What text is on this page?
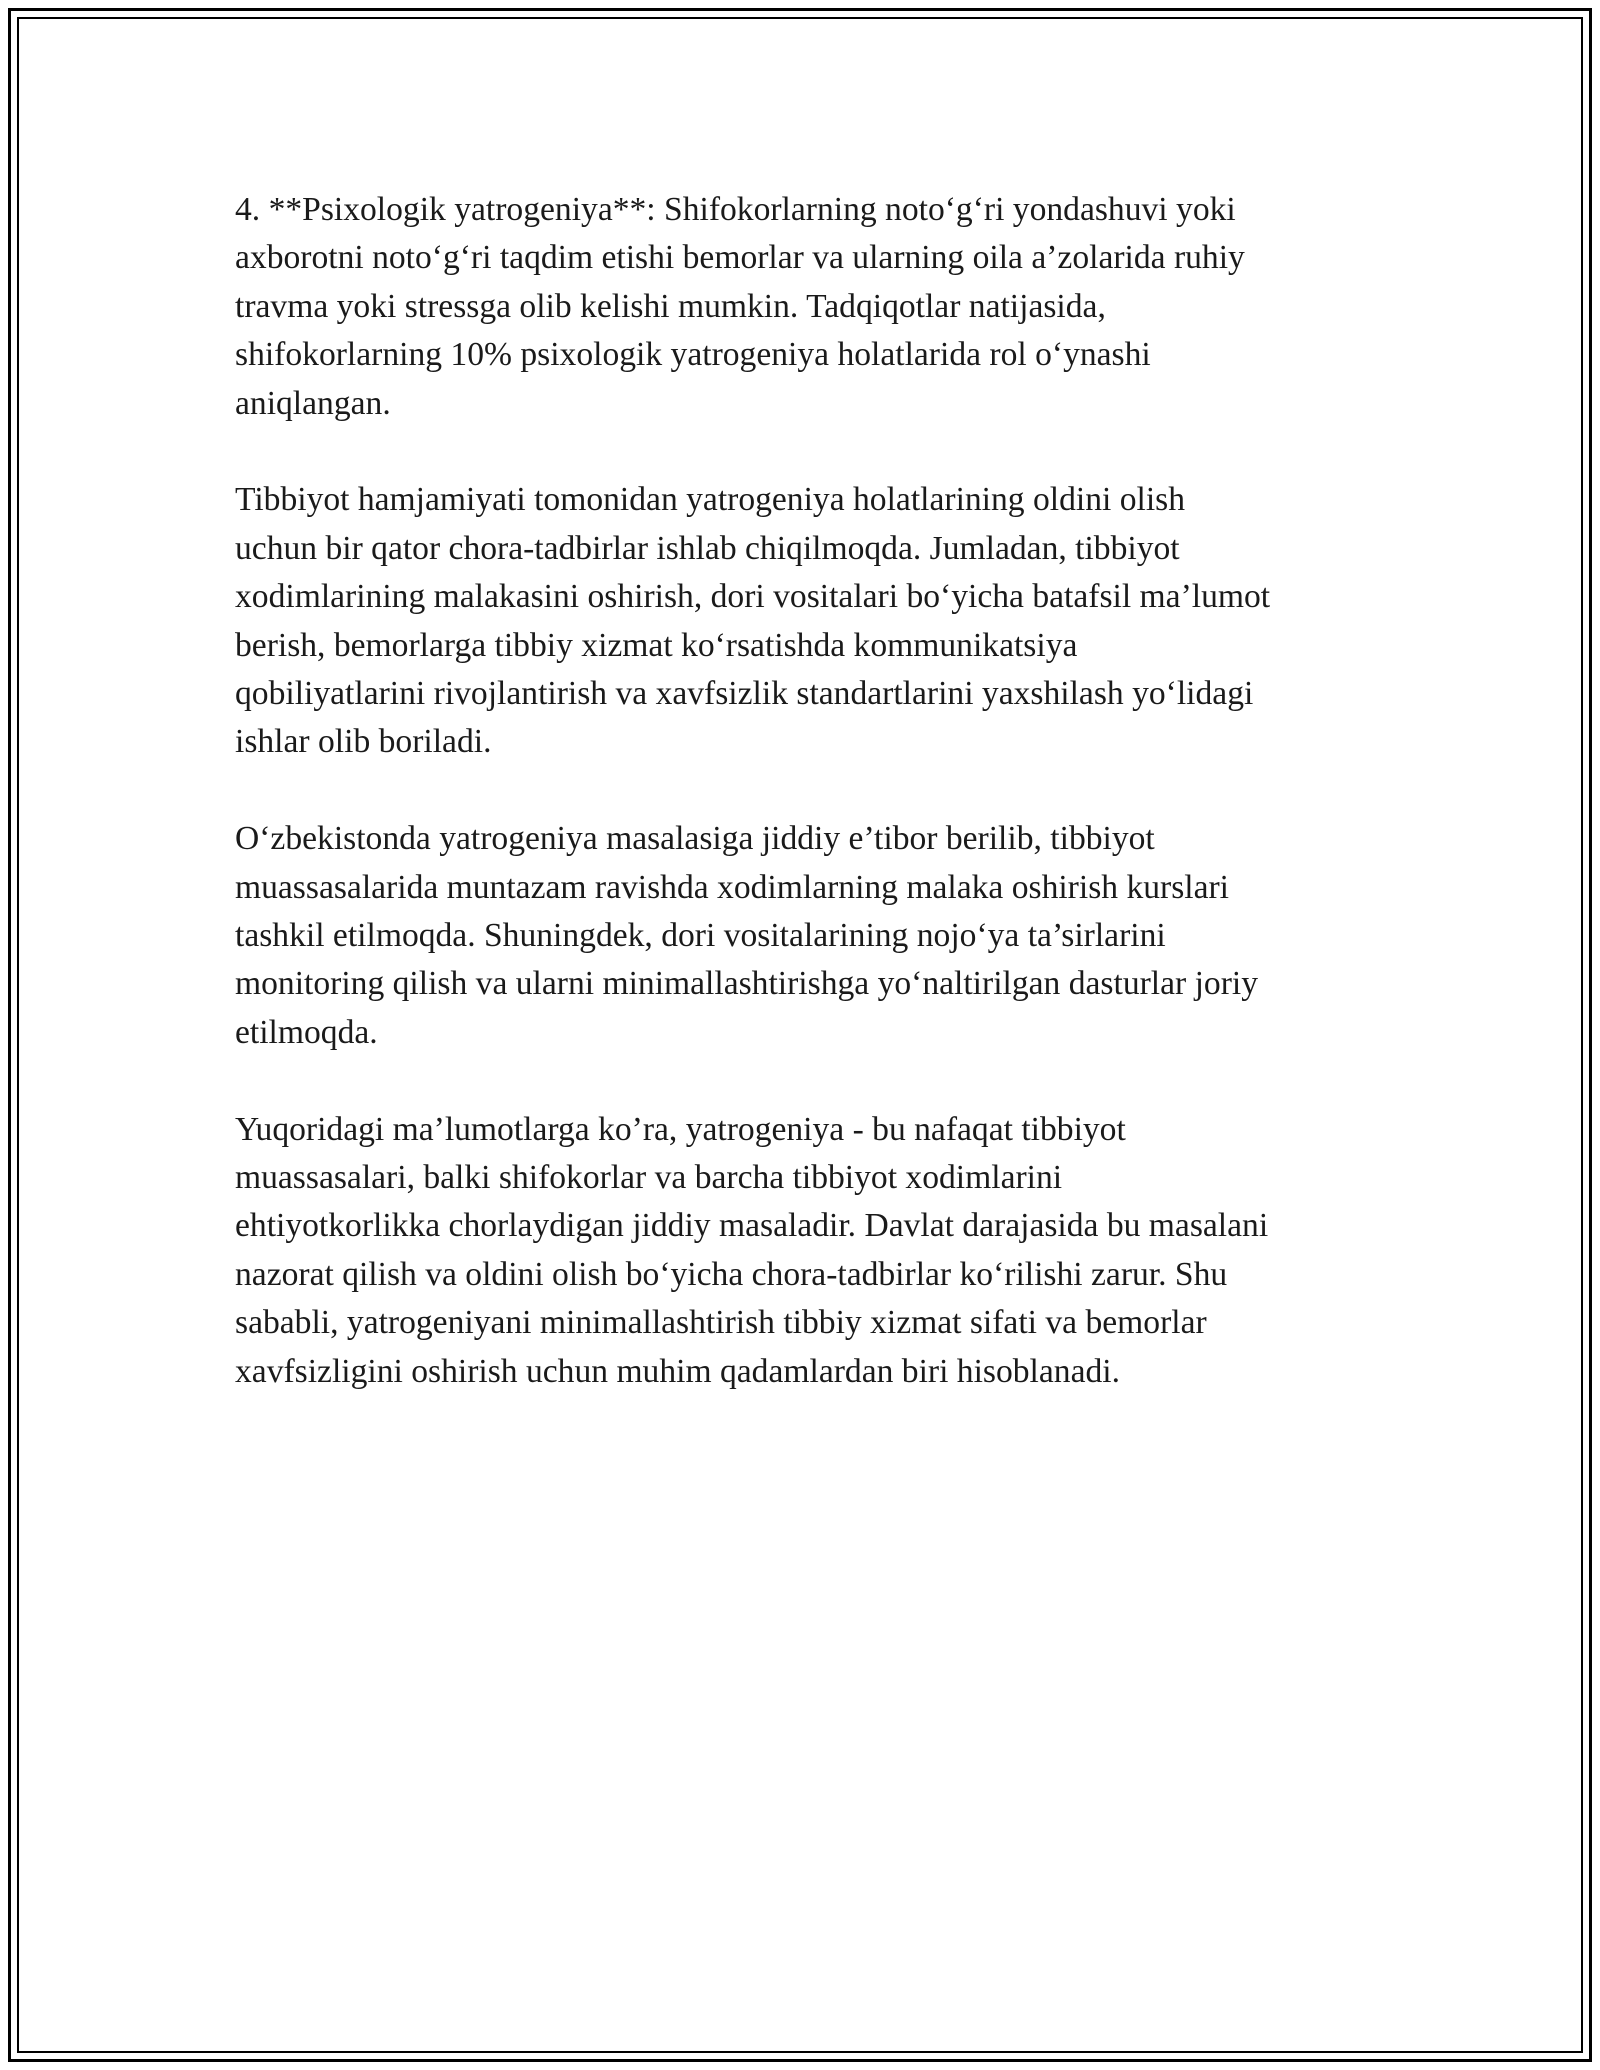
4. **Psixologik yatrogeniya**: Shifokorlarning noto‘g‘ri yondashuvi yoki
axborotni noto‘g‘ri taqdim etishi bemorlar va ularning oila a’zolarida ruhiy
travma yoki stressga olib kelishi mumkin. Tadqiqotlar natijasida,
shifokorlarning 10% psixologik yatrogeniya holatlarida rol o‘ynashi
aniqlangan.

Tibbiyot hamjamiyati tomonidan yatrogeniya holatlarining oldini olish
uchun bir qator chora-tadbirlar ishlab chiqilmoqda. Jumladan, tibbiyot
xodimlarining malakasini oshirish, dori vositalari bo‘yicha batafsil ma’lumot
berish, bemorlarga tibbiy xizmat ko‘rsatishda kommunikatsiya
qobiliyatlarini rivojlantirish va xavfsizlik standartlarini yaxshilash yo‘lidagi
ishlar olib boriladi.

O‘zbekistonda yatrogeniya masalasiga jiddiy e’tibor berilib, tibbiyot
muassasalarida muntazam ravishda xodimlarning malaka oshirish kurslari
tashkil etilmoqda. Shuningdek, dori vositalarining nojo‘ya ta’sirlarini
monitoring qilish va ularni minimallashtirishga yo‘naltirilgan dasturlar joriy
etilmoqda.

Yuqoridagi ma’lumotlarga ko’ra, yatrogeniya - bu nafaqat tibbiyot
muassasalari, balki shifokorlar va barcha tibbiyot xodimlarini
ehtiyotkorlikka chorlaydigan jiddiy masaladir. Davlat darajasida bu masalani
nazorat qilish va oldini olish bo‘yicha chora-tadbirlar ko‘rilishi zarur. Shu
sababli, yatrogeniyani minimallashtirish tibbiy xizmat sifati va bemorlar
xavfsizligini oshirish uchun muhim qadamlardan biri hisoblanadi.
